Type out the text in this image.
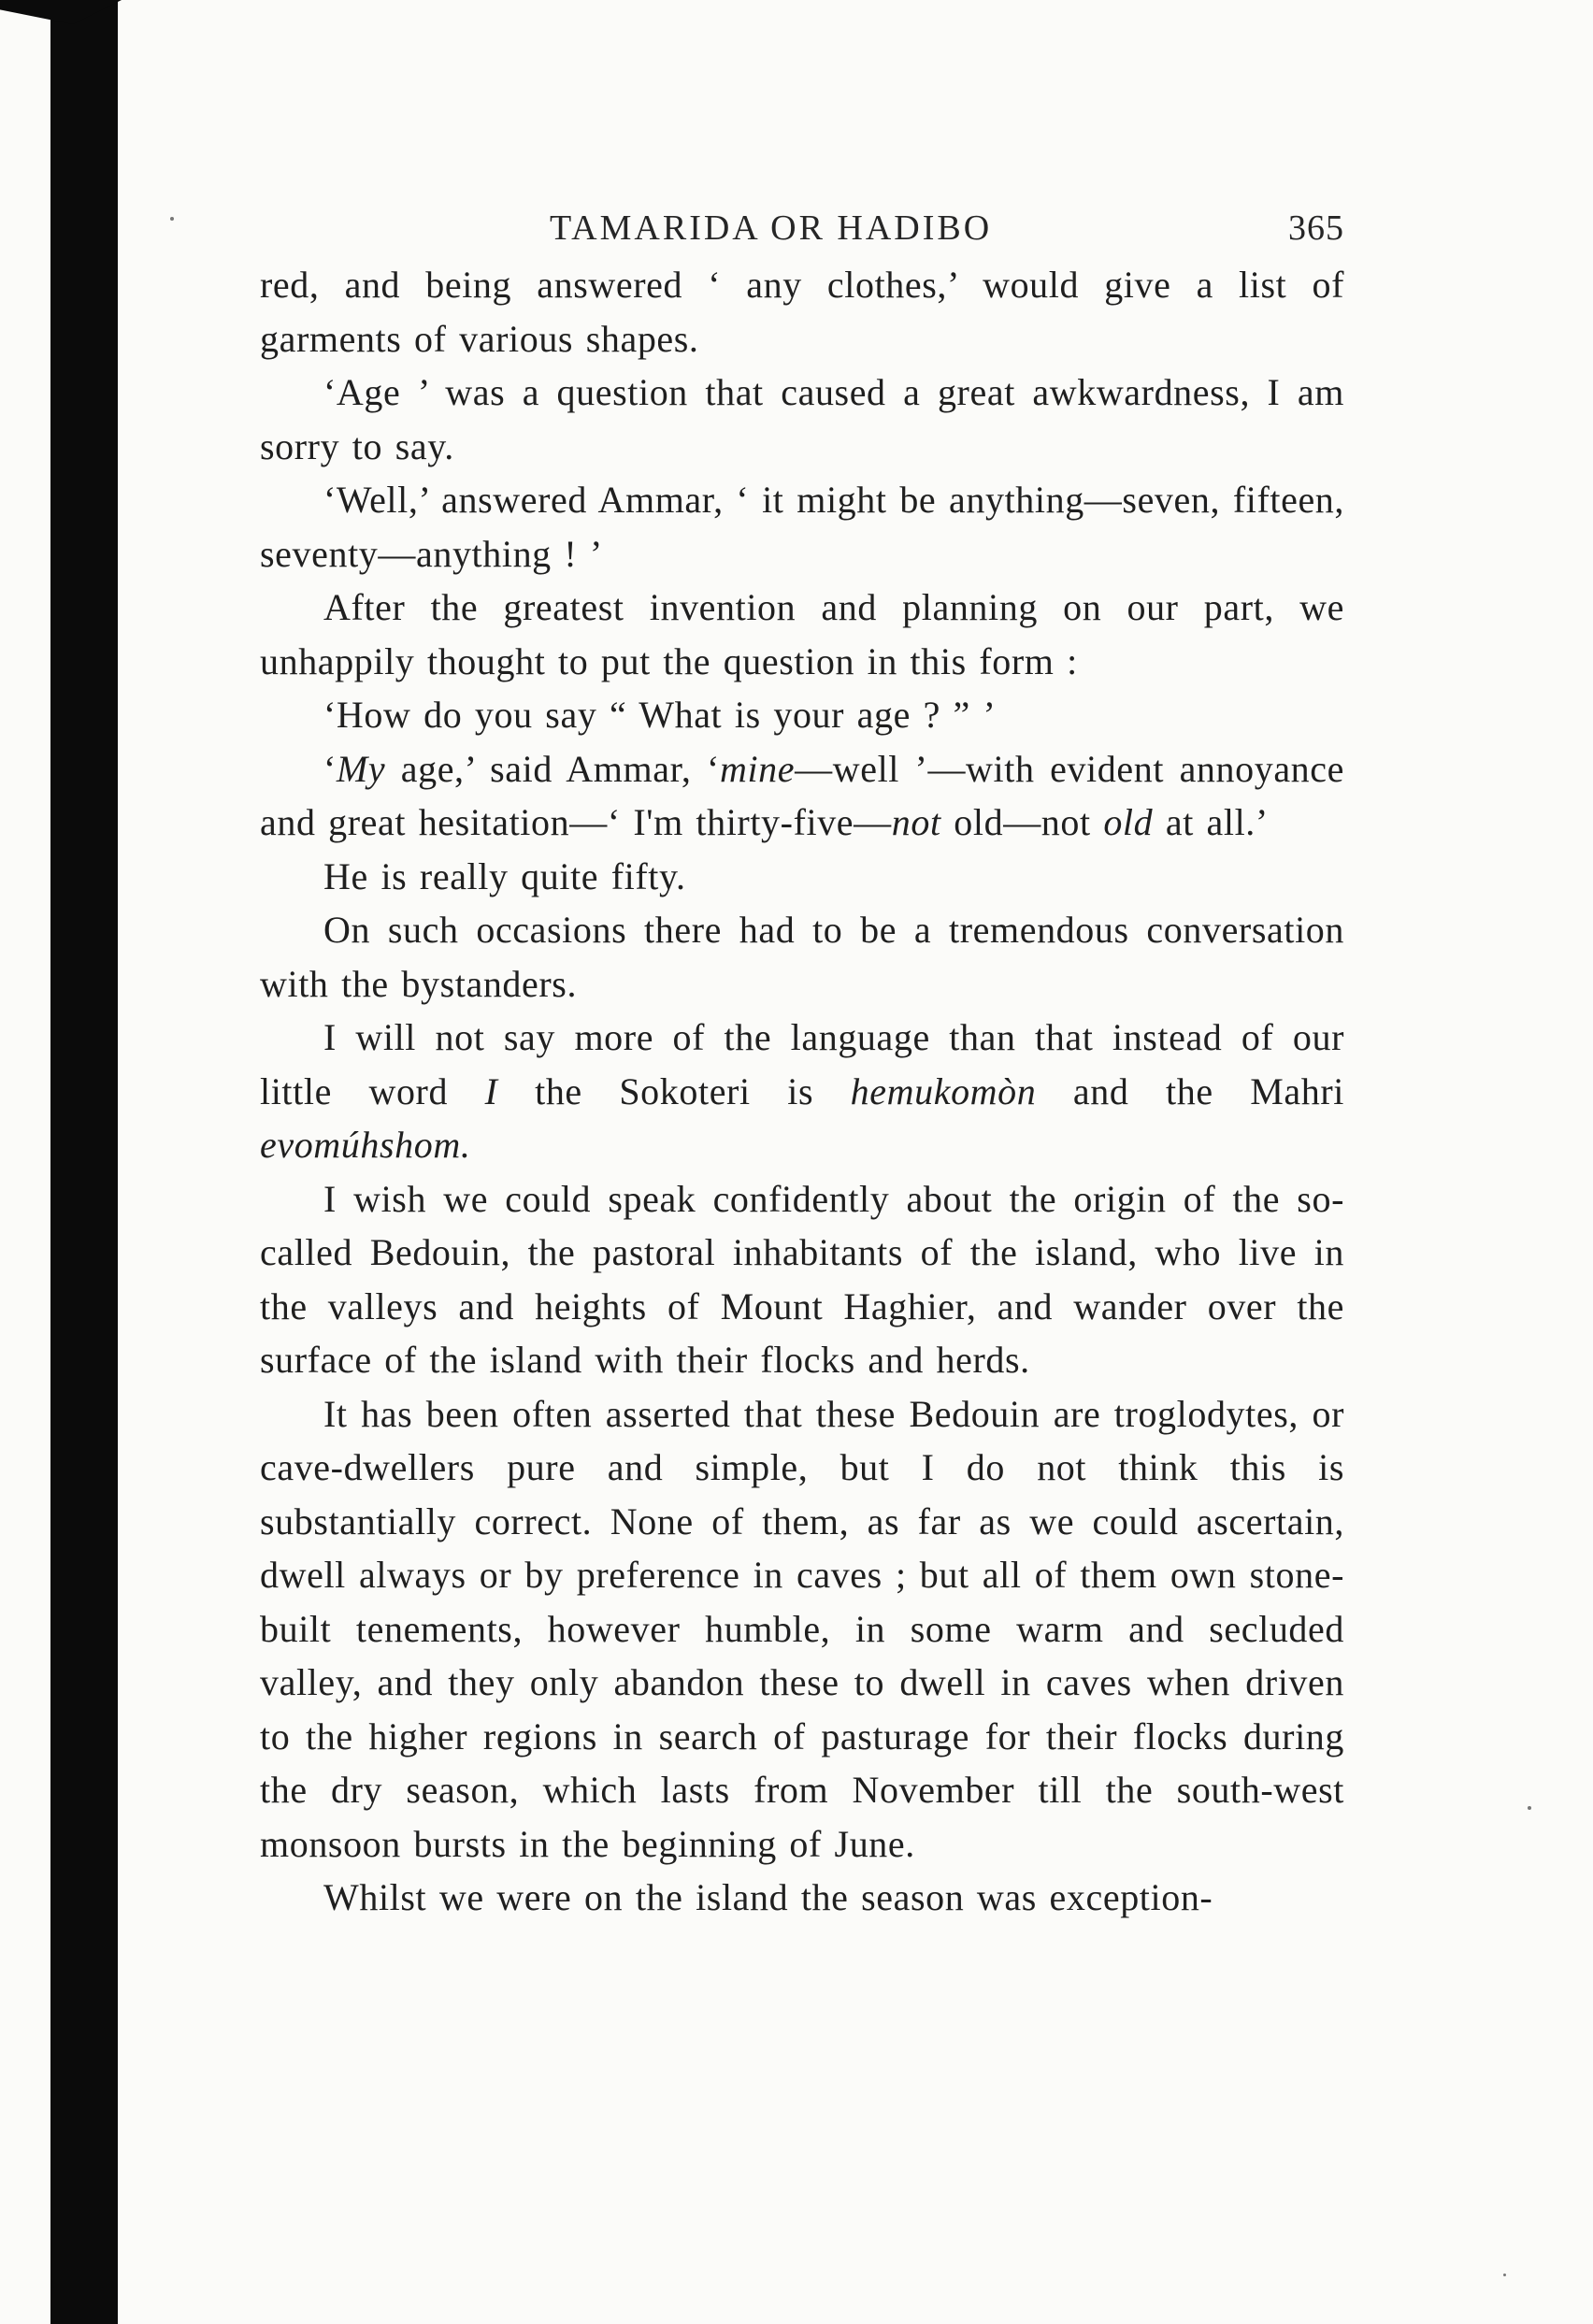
TAMARIDA OR HADIBO	365

red, and being answered ‘ any clothes,’ would give a list of garments of various shapes.

‘Age ’ was a question that caused a great awkwardness, I am sorry to say.

‘Well,’ answered Ammar, ‘ it might be anything—seven, fifteen, seventy—anything ! ’

After the greatest invention and planning on our part, we unhappily thought to put the question in this form :

‘How do you say “ What is your age ? ” ’

‘My age,’ said Ammar, ‘mine—well ’—with evident annoyance and great hesitation—‘ I'm thirty-five—not old—not old at all.’

He is really quite fifty.

On such occasions there had to be a tremendous conversation with the bystanders.

I will not say more of the language than that instead of our little word I the Sokoteri is hemukomòn and the Mahri evomúhshom.

I wish we could speak confidently about the origin of the so-called Bedouin, the pastoral inhabitants of the island, who live in the valleys and heights of Mount Haghier, and wander over the surface of the island with their flocks and herds.

It has been often asserted that these Bedouin are troglodytes, or cave-dwellers pure and simple, but I do not think this is substantially correct. None of them, as far as we could ascertain, dwell always or by preference in caves ; but all of them own stone-built tenements, however humble, in some warm and secluded valley, and they only abandon these to dwell in caves when driven to the higher regions in search of pasturage for their flocks during the dry season, which lasts from November till the south-west monsoon bursts in the beginning of June.

Whilst we were on the island the season was exception-
